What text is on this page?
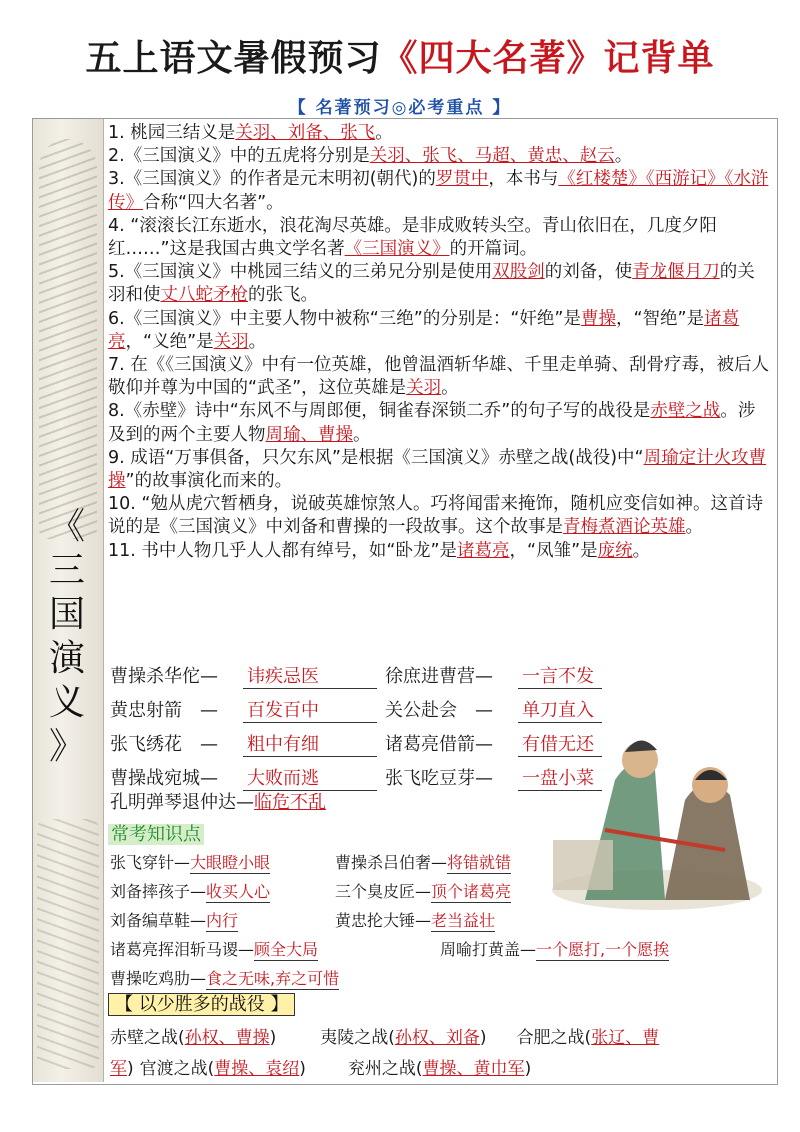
五上语文暑假预习《四大名著》记背单
【 名著预习◎必考重点 】
《
三
国
演
义
》

1. 桃园三结义是关羽、刘备、张飞。

2.《三国演义》中的五虎将分别是关羽、张飞、马超、黄忠、赵云。

3.《三国演义》的作者是元末明初(朝代)的罗贯中，本书与《红楼楚》《西游记》《水浒传》合称“四大名著”。

4. “滚滚长江东逝水，浪花淘尽英雄。是非成败转头空。青山依旧在，几度夕阳红……”这是我国古典文学名著《三国演义》的开篇词。

5.《三国演义》中桃园三结义的三弟兄分别是使用双股剑的刘备，使青龙偃月刀的关羽和使丈八蛇矛枪的张飞。

6.《三国演义》中主要人物中被称“三绝”的分别是：“奸绝”是曹操，“智绝”是诸葛亮，“义绝”是关羽。

7. 在《《三国演义》中有一位英雄，他曾温酒斩华雄、千里走单骑、刮骨疗毒，被后人敬仰并尊为中国的“武圣”，这位英雄是关羽。

8.《赤壁》诗中“东风不与周郎便，铜雀春深锁二乔”的句子写的战役是赤壁之战。涉及到的两个主要人物周瑜、曹操。

9. 成语“万事俱备，只欠东风”是根据《三国演义》赤壁之战(战役)中“周瑜定计火攻曹操”的故事演化而来的。

10. “勉从虎穴暂栖身，说破英雄惊煞人。巧将闻雷来掩饰，随机应变信如神。这首诗说的是《三国演义》中刘备和曹操的一段故事。这个故事是青梅煮酒论英雄。

11. 书中人物几乎人人都有绰号，如“卧龙”是诸葛亮，“凤雏”是庞统。

曹操杀华佗— 讳疾忌医	徐庶进曹营— 一言不发
黄忠射箭　— 百发百中	关公赴会　— 单刀直入
张飞绣花　— 粗中有细	诸葛亮借箭— 有借无还
曹操战宛城— 大败而逃	张飞吃豆芽— 一盘小菜
孔明弹琴退仲达—临危不乱
常考知识点
张飞穿针—大眼瞪小眼	曹操杀吕伯奢—将错就错
刘备摔孩子—收买人心	三个臭皮匠—顶个诸葛亮
刘备编草鞋—内行	黄忠抡大锤—老当益壮
诸葛亮挥泪斩马谡—顾全大局	周喻打黄盖—一个愿打,一个愿挨
曹操吃鸡肋—食之无味,弃之可惜
【 以少胜多的战役 】
赤壁之战(孙权、曹操)	夷陵之战(孙权、刘备) 合肥之战(张辽、曹
军) 官渡之战(曹操、袁绍) 兖州之战(曹操、黄巾军)
